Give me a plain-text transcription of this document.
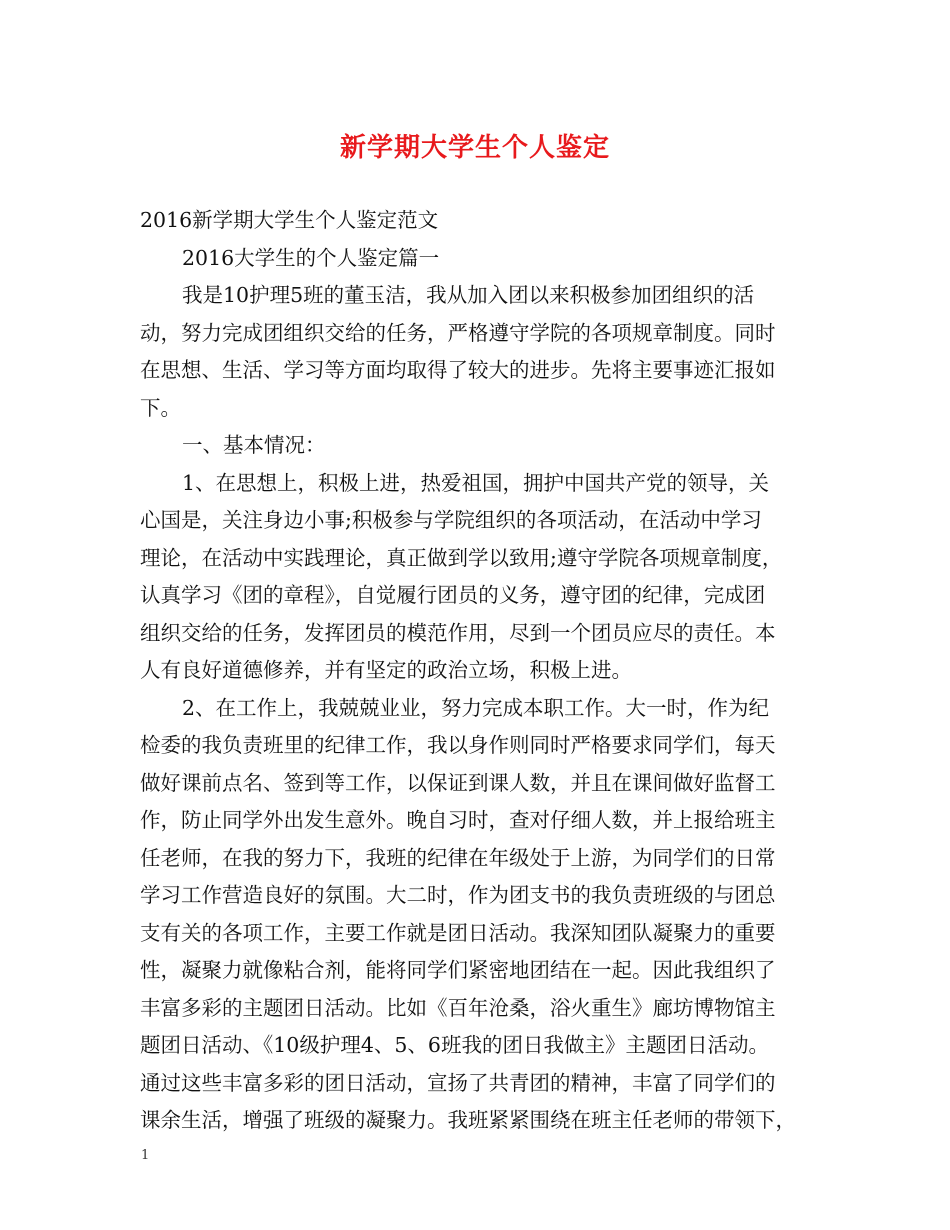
新学期大学生个人鉴定
2016新学期大学生个人鉴定范文
2016大学生的个人鉴定篇一
我是10护理5班的董玉洁，我从加入团以来积极参加团组织的活
动，努力完成团组织交给的任务，严格遵守学院的各项规章制度。同时
在思想、生活、学习等方面均取得了较大的进步。先将主要事迹汇报如
下。
一、基本情况：
1、在思想上，积极上进，热爱祖国，拥护中国共产党的领导，关
心国是，关注身边小事;积极参与学院组织的各项活动，在活动中学习
理论，在活动中实践理论，真正做到学以致用;遵守学院各项规章制度，
认真学习《团的章程》，自觉履行团员的义务，遵守团的纪律，完成团
组织交给的任务，发挥团员的模范作用，尽到一个团员应尽的责任。本
人有良好道德修养，并有坚定的政治立场，积极上进。
2、在工作上，我兢兢业业，努力完成本职工作。大一时，作为纪
检委的我负责班里的纪律工作，我以身作则同时严格要求同学们，每天
做好课前点名、签到等工作，以保证到课人数，并且在课间做好监督工
作，防止同学外出发生意外。晚自习时，查对仔细人数，并上报给班主
任老师，在我的努力下，我班的纪律在年级处于上游，为同学们的日常
学习工作营造良好的氛围。大二时，作为团支书的我负责班级的与团总
支有关的各项工作，主要工作就是团日活动。我深知团队凝聚力的重要
性，凝聚力就像粘合剂，能将同学们紧密地团结在一起。因此我组织了
丰富多彩的主题团日活动。比如《百年沧桑，浴火重生》廊坊博物馆主
题团日活动、《10级护理4、5、6班我的团日我做主》主题团日活动。
通过这些丰富多彩的团日活动，宣扬了共青团的精神，丰富了同学们的
课余生活，增强了班级的凝聚力。我班紧紧围绕在班主任老师的带领下，
1
